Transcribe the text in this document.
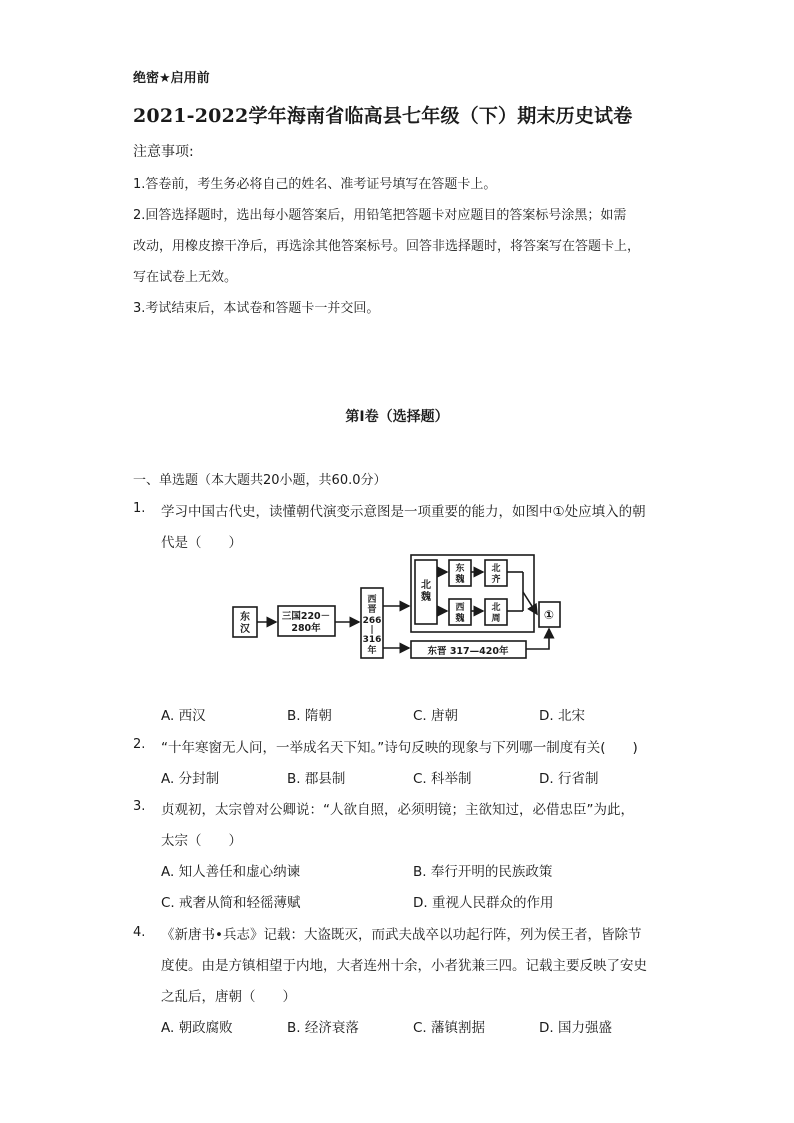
绝密★启用前
2021-2022学年海南省临高县七年级（下）期末历史试卷
注意事项:
1.答卷前，考生务必将自己的姓名、准考证号填写在答题卡上。
2.回答选择题时，选出每小题答案后，用铅笔把答题卡对应题目的答案标号涂黑；如需
改动，用橡皮擦干净后，再选涂其他答案标号。回答非选择题时，将答案写在答题卡上，
写在试卷上无效。
3.考试结束后，本试卷和答题卡一并交回。
第I卷（选择题）
一、单选题（本大题共20小题，共60.0分）
1. 学习中国古代史，读懂朝代演变示意图是一项重要的能力，如图中①处应填入的朝
代是（　　）
东
汉
三国220－
280年
西
晋
266
|
316
年
北
魏
东
魏
西
魏
北
齐
北
周
东晋 317—420年
①
A. 西汉	B. 隋朝	C. 唐朝	D. 北宋
2. “十年寒窗无人问，一举成名天下知。”诗句反映的现象与下列哪一制度有关(　　)
A. 分封制	B. 郡县制	C. 科举制	D. 行省制
3. 贞观初，太宗曾对公卿说：“人欲自照，必须明镜；主欲知过，必借忠臣”为此，
太宗（　　）
A. 知人善任和虚心纳谏	B. 奉行开明的民族政策
C. 戒奢从简和轻徭薄赋	D. 重视人民群众的作用
4. 《新唐书•兵志》记载：大盗既灭，而武夫战卒以功起行阵，列为侯王者，皆除节
度使。由是方镇相望于内地，大者连州十余，小者犹兼三四。记载主要反映了安史
之乱后，唐朝（　　）
A. 朝政腐败	B. 经济衰落	C. 藩镇割据	D. 国力强盛
